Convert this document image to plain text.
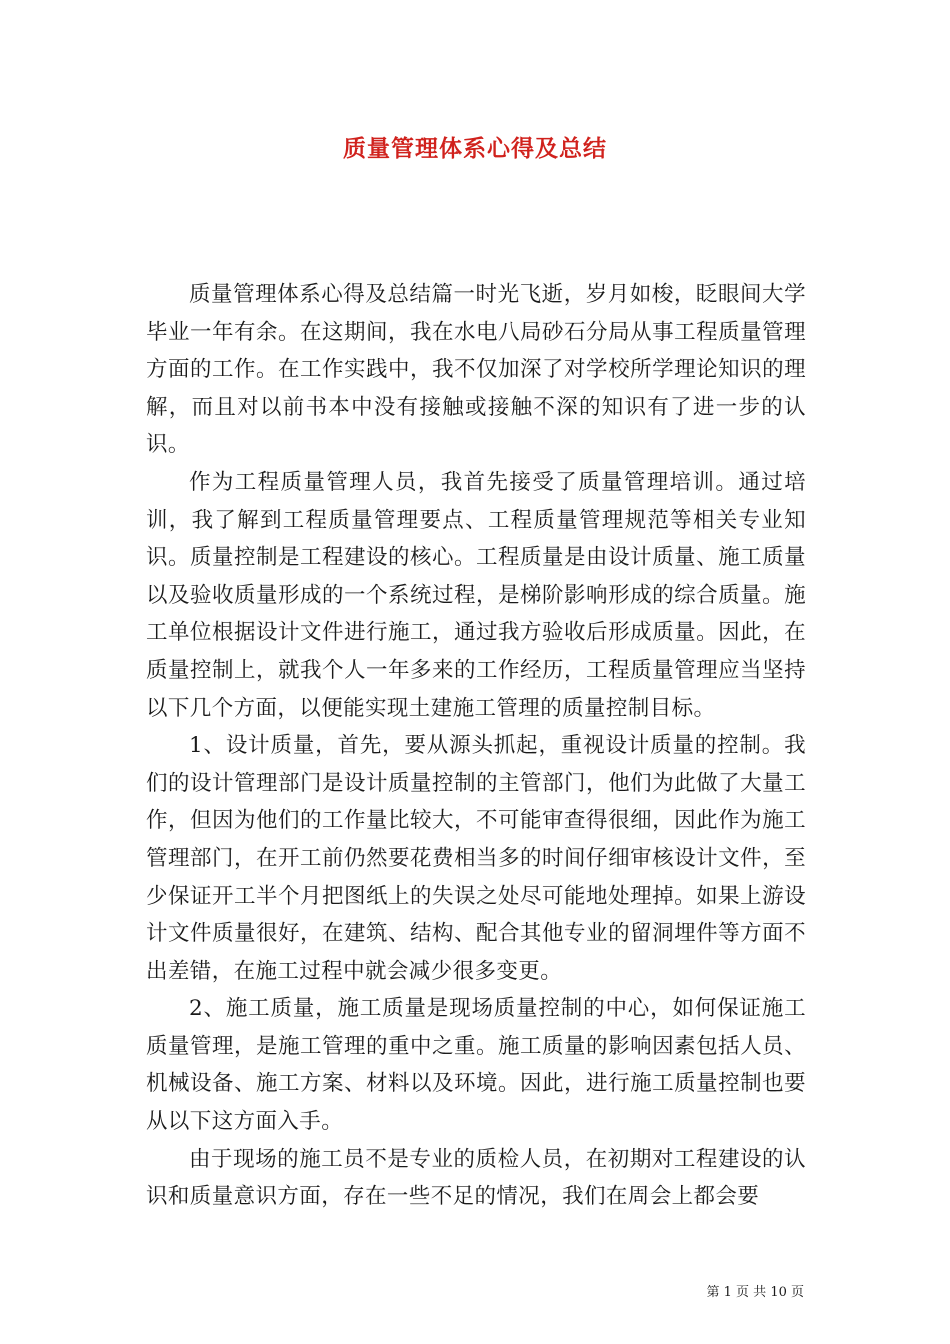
质量管理体系心得及总结

质量管理体系心得及总结篇一时光飞逝，岁月如梭，眨眼间大学毕业一年有余。在这期间，我在水电八局砂石分局从事工程质量管理方面的工作。在工作实践中，我不仅加深了对学校所学理论知识的理解，而且对以前书本中没有接触或接触不深的知识有了进一步的认识。

作为工程质量管理人员，我首先接受了质量管理培训。通过培训，我了解到工程质量管理要点、工程质量管理规范等相关专业知识。质量控制是工程建设的核心。工程质量是由设计质量、施工质量以及验收质量形成的一个系统过程，是梯阶影响形成的综合质量。施工单位根据设计文件进行施工，通过我方验收后形成质量。因此，在质量控制上，就我个人一年多来的工作经历，工程质量管理应当坚持以下几个方面，以便能实现土建施工管理的质量控制目标。

1、设计质量，首先，要从源头抓起，重视设计质量的控制。我们的设计管理部门是设计质量控制的主管部门，他们为此做了大量工作，但因为他们的工作量比较大，不可能审查得很细，因此作为施工管理部门，在开工前仍然要花费相当多的时间仔细审核设计文件，至少保证开工半个月把图纸上的失误之处尽可能地处理掉。如果上游设计文件质量很好，在建筑、结构、配合其他专业的留洞埋件等方面不出差错，在施工过程中就会减少很多变更。

2、施工质量，施工质量是现场质量控制的中心，如何保证施工质量管理，是施工管理的重中之重。施工质量的影响因素包括人员、机械设备、施工方案、材料以及环境。因此，进行施工质量控制也要从以下这方面入手。

由于现场的施工员不是专业的质检人员，在初期对工程建设的认识和质量意识方面，存在一些不足的情况，我们在周会上都会要

第 1 页 共 10 页
